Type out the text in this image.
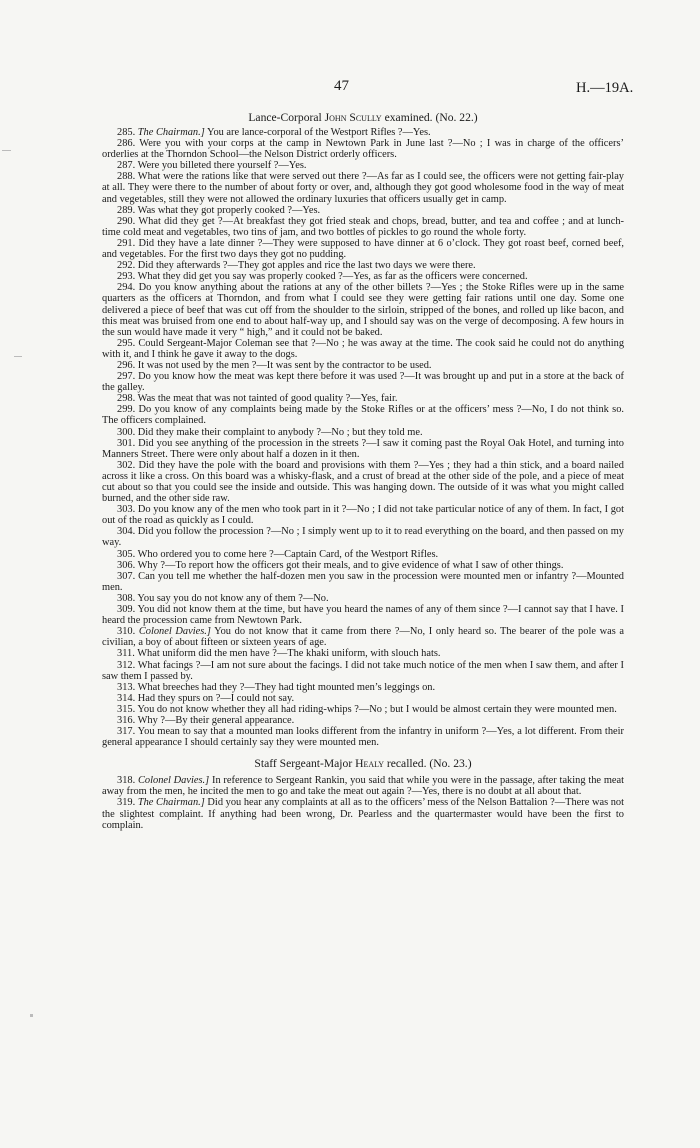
47	H.—19A.
Lance-Corporal John Scully examined. (No. 22.)

285. The Chairman.] You are lance-corporal of the Westport Rifles ?—Yes.

286. Were you with your corps at the camp in Newtown Park in June last ?—No ; I was in charge of the officers’ orderlies at the Thorndon School—the Nelson District orderly officers.

287. Were you billeted there yourself ?—Yes.

288. What were the rations like that were served out there ?—As far as I could see, the officers were not getting fair-play at all. They were there to the number of about forty or over, and, although they got good wholesome food in the way of meat and vegetables, still they were not allowed the ordinary luxuries that officers usually get in camp.

289. Was what they got properly cooked ?—Yes.

290. What did they get ?—At breakfast they got fried steak and chops, bread, butter, and tea and coffee ; and at lunch-time cold meat and vegetables, two tins of jam, and two bottles of pickles to go round the whole forty.

291. Did they have a late dinner ?—They were supposed to have dinner at 6 o’clock. They got roast beef, corned beef, and vegetables. For the first two days they got no pudding.

292. Did they afterwards ?—They got apples and rice the last two days we were there.

293. What they did get you say was properly cooked ?—Yes, as far as the officers were concerned.

294. Do you know anything about the rations at any of the other billets ?—Yes ; the Stoke Rifles were up in the same quarters as the officers at Thorndon, and from what I could see they were getting fair rations until one day. Some one delivered a piece of beef that was cut off from the shoulder to the sirloin, stripped of the bones, and rolled up like bacon, and this meat was bruised from one end to about half-way up, and I should say was on the verge of decomposing. A few hours in the sun would have made it very “ high,” and it could not be baked.

295. Could Sergeant-Major Coleman see that ?—No ; he was away at the time. The cook said he could not do anything with it, and I think he gave it away to the dogs.

296. It was not used by the men ?—It was sent by the contractor to be used.

297. Do you know how the meat was kept there before it was used ?—It was brought up and put in a store at the back of the galley.

298. Was the meat that was not tainted of good quality ?—Yes, fair.

299. Do you know of any complaints being made by the Stoke Rifles or at the officers’ mess ?—No, I do not think so. The officers complained.

300. Did they make their complaint to anybody ?—No ; but they told me.

301. Did you see anything of the procession in the streets ?—I saw it coming past the Royal Oak Hotel, and turning into Manners Street. There were only about half a dozen in it then.

302. Did they have the pole with the board and provisions with them ?—Yes ; they had a thin stick, and a board nailed across it like a cross. On this board was a whisky-flask, and a crust of bread at the other side of the pole, and a piece of meat cut about so that you could see the inside and outside. This was hanging down. The outside of it was what you might called burned, and the other side raw.

303. Do you know any of the men who took part in it ?—No ; I did not take particular notice of any of them. In fact, I got out of the road as quickly as I could.

304. Did you follow the procession ?—No ; I simply went up to it to read everything on the board, and then passed on my way.

305. Who ordered you to come here ?—Captain Card, of the Westport Rifles.

306. Why ?—To report how the officers got their meals, and to give evidence of what I saw of other things.

307. Can you tell me whether the half-dozen men you saw in the procession were mounted men or infantry ?—Mounted men.

308. You say you do not know any of them ?—No.

309. You did not know them at the time, but have you heard the names of any of them since ?—I cannot say that I have. I heard the procession came from Newtown Park.

310. Colonel Davies.] You do not know that it came from there ?—No, I only heard so. The bearer of the pole was a civilian, a boy of about fifteen or sixteen years of age.

311. What uniform did the men have ?—The khaki uniform, with slouch hats.

312. What facings ?—I am not sure about the facings. I did not take much notice of the men when I saw them, and after I saw them I passed by.

313. What breeches had they ?—They had tight mounted men’s leggings on.

314. Had they spurs on ?—I could not say.

315. You do not know whether they all had riding-whips ?—No ; but I would be almost certain they were mounted men.

316. Why ?—By their general appearance.

317. You mean to say that a mounted man looks different from the infantry in uniform ?—Yes, a lot different. From their general appearance I should certainly say they were mounted men.

Staff Sergeant-Major Healy recalled. (No. 23.)

318. Colonel Davies.] In reference to Sergeant Rankin, you said that while you were in the passage, after taking the meat away from the men, he incited the men to go and take the meat out again ?—Yes, there is no doubt at all about that.

319. The Chairman.] Did you hear any complaints at all as to the officers’ mess of the Nelson Battalion ?—There was not the slightest complaint. If anything had been wrong, Dr. Pearless and the quartermaster would have been the first to complain.
